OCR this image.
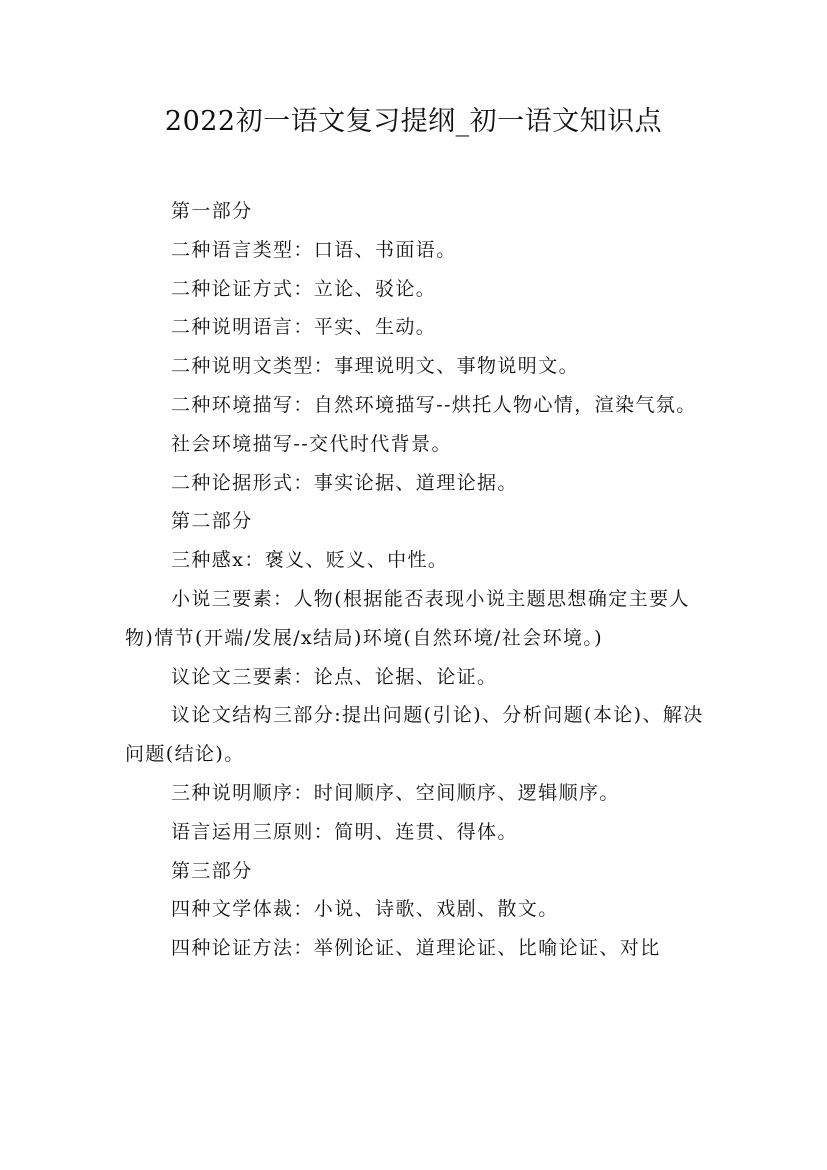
2022初一语文复习提纲_初一语文知识点

第一部分

二种语言类型：口语、书面语。

二种论证方式：立论、驳论。

二种说明语言：平实、生动。

二种说明文类型：事理说明文、事物说明文。

二种环境描写：自然环境描写--烘托人物心情，渲染气氛。

社会环境描写--交代时代背景。

二种论据形式：事实论据、道理论据。

第二部分

三种感x：褒义、贬义、中性。

小说三要素：人物(根据能否表现小说主题思想确定主要人物)情节(开端/发展/x结局)环境(自然环境/社会环境。)

议论文三要素：论点、论据、论证。

议论文结构三部分:提出问题(引论)、分析问题(本论)、解决问题(结论)。

三种说明顺序：时间顺序、空间顺序、逻辑顺序。

语言运用三原则：简明、连贯、得体。

第三部分

四种文学体裁：小说、诗歌、戏剧、散文。

四种论证方法：举例论证、道理论证、比喻论证、对比
